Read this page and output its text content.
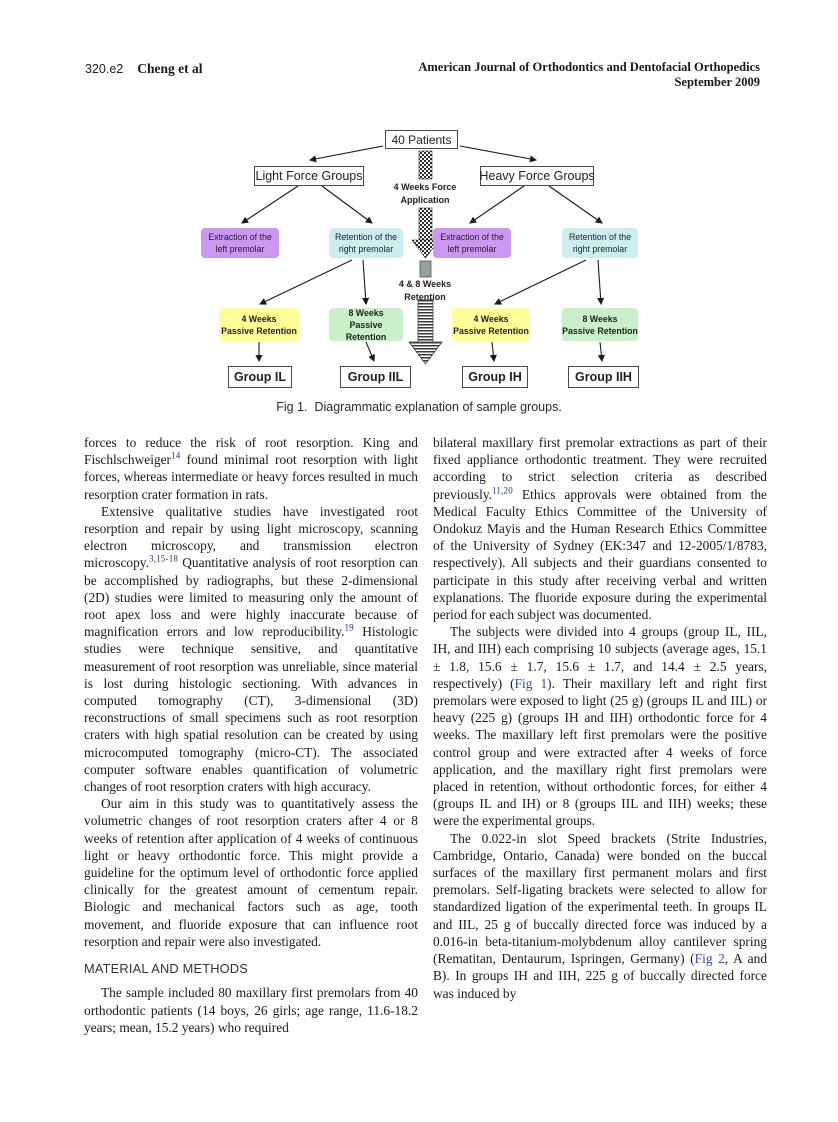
320.e2 Cheng et al	American Journal of Orthodontics and Dentofacial Orthopedics
September 2009
40 Patients
Light Force Groups	Heavy Force Groups
Extraction of the
left premolar
Retention of the
right premolar
Extraction of the
left premolar
Retention of the
right premolar
4 Weeks
Passive Retention
8 Weeks
Passive Retention
4 Weeks
Passive Retention
8 Weeks
Passive Retention
Group IL	Group IIL	Group IH	Group IIH
4 Weeks Force
Application
4 & 8 Weeks
Retention
Fig 1. Diagrammatic explanation of sample groups.

forces to reduce the risk of root resorption. King and Fischlschweiger$^{14}$ found minimal root resorption with light forces, whereas intermediate or heavy forces resulted in much resorption crater formation in rats.

Extensive qualitative studies have investigated root resorption and repair by using light microscopy, scanning electron microscopy, and transmission electron microscopy.$^{3,15-18}$ Quantitative analysis of root resorption can be accomplished by radiographs, but these 2-dimensional (2D) studies were limited to measuring only the amount of root apex loss and were highly inaccurate because of magnification errors and low reproducibility.$^{19}$ Histologic studies were technique sensitive, and quantitative measurement of root resorption was unreliable, since material is lost during histologic sectioning. With advances in computed tomography (CT), 3-dimensional (3D) reconstructions of small specimens such as root resorption craters with high spatial resolution can be created by using microcomputed tomography (micro-CT). The associated computer software enables quantification of volumetric changes of root resorption craters with high accuracy.

Our aim in this study was to quantitatively assess the volumetric changes of root resorption craters after 4 or 8 weeks of retention after application of 4 weeks of continuous light or heavy orthodontic force. This might provide a guideline for the optimum level of orthodontic force applied clinically for the greatest amount of cementum repair. Biologic and mechanical factors such as age, tooth movement, and fluoride exposure that can influence root resorption and repair were also investigated.

MATERIAL AND METHODS

The sample included 80 maxillary first premolars from 40 orthodontic patients (14 boys, 26 girls; age range, 11.6-18.2 years; mean, 15.2 years) who required

bilateral maxillary first premolar extractions as part of their fixed appliance orthodontic treatment. They were recruited according to strict selection criteria as described previously.$^{11,20}$ Ethics approvals were obtained from the Medical Faculty Ethics Committee of the University of Ondokuz Mayis and the Human Research Ethics Committee of the University of Sydney (EK:347 and 12-2005/1/8783, respectively). All subjects and their guardians consented to participate in this study after receiving verbal and written explanations. The fluoride exposure during the experimental period for each subject was documented.

The subjects were divided into 4 groups (group IL, IIL, IH, and IIH) each comprising 10 subjects (average ages, 15.1 ± 1.8, 15.6 ± 1.7, 15.6 ± 1.7, and 14.4 ± 2.5 years, respectively) (Fig 1). Their maxillary left and right first premolars were exposed to light (25 g) (groups IL and IIL) or heavy (225 g) (groups IH and IIH) orthodontic force for 4 weeks. The maxillary left first premolars were the positive control group and were extracted after 4 weeks of force application, and the maxillary right first premolars were placed in retention, without orthodontic forces, for either 4 (groups IL and IH) or 8 (groups IIL and IIH) weeks; these were the experimental groups.

The 0.022-in slot Speed brackets (Strite Industries, Cambridge, Ontario, Canada) were bonded on the buccal surfaces of the maxillary first permanent molars and first premolars. Self-ligating brackets were selected to allow for standardized ligation of the experimental teeth. In groups IL and IIL, 25 g of buccally directed force was induced by a 0.016-in beta-titanium-molybdenum alloy cantilever spring (Rematitan, Dentaurum, Ispringen, Germany) (Fig 2, A and B). In groups IH and IIH, 225 g of buccally directed force was induced by
